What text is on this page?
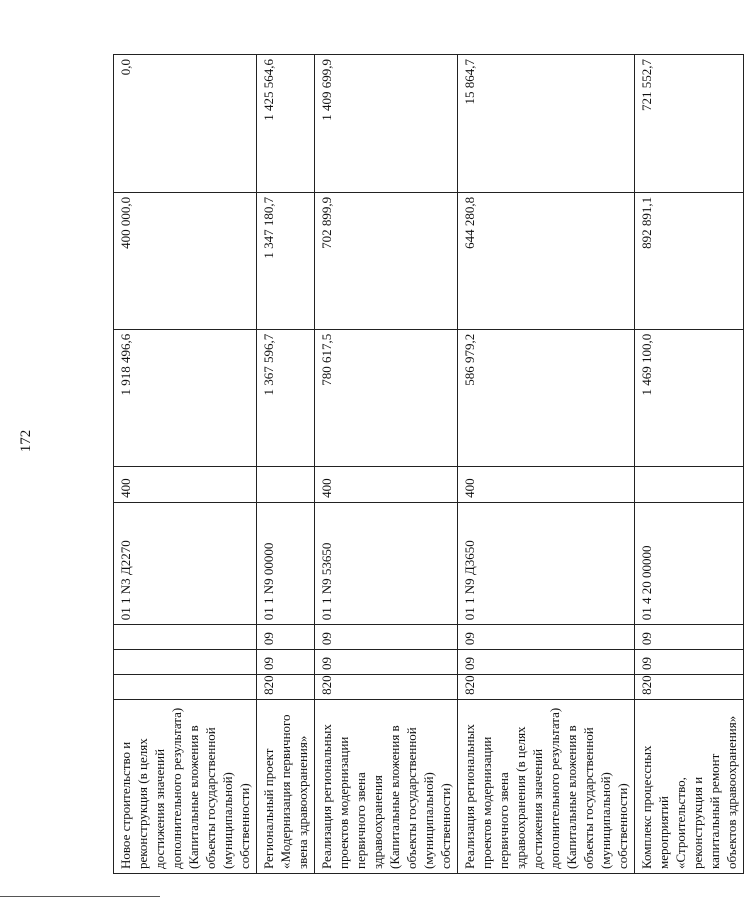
172
Новое строительство и реконструкция (в целях достижения значений дополнительного результата) (Капитальные вложения в объекты государственной (муниципальной) собственности)				01 1 N3 Д2270	400	1 918 496,6	400 000,0	0,0
Региональный проект «Модернизация первичного звена здравоохранения»	820	09	09	01 1 N9 00000		1 367 596,7	1 347 180,7	1 425 564,6
Реализация региональных проектов модернизации первичного звена здравоохранения (Капитальные вложения в объекты государственной (муниципальной) собственности)	820	09	09	01 1 N9 53650	400	780 617,5	702 899,9	1 409 699,9
Реализация региональных проектов модернизации первичного звена здравоохранения (в целях достижения значений дополнительного результата) (Капитальные вложения в объекты государственной (муниципальной) собственности)	820	09	09	01 1 N9 Д3650	400	586 979,2	644 280,8	15 864,7
Комплекс процессных мероприятий «Строительство, реконструкция и капитальный ремонт объектов здравоохранения»	820	09	09	01 4 20 00000		1 469 100,0	892 891,1	721 552,7
